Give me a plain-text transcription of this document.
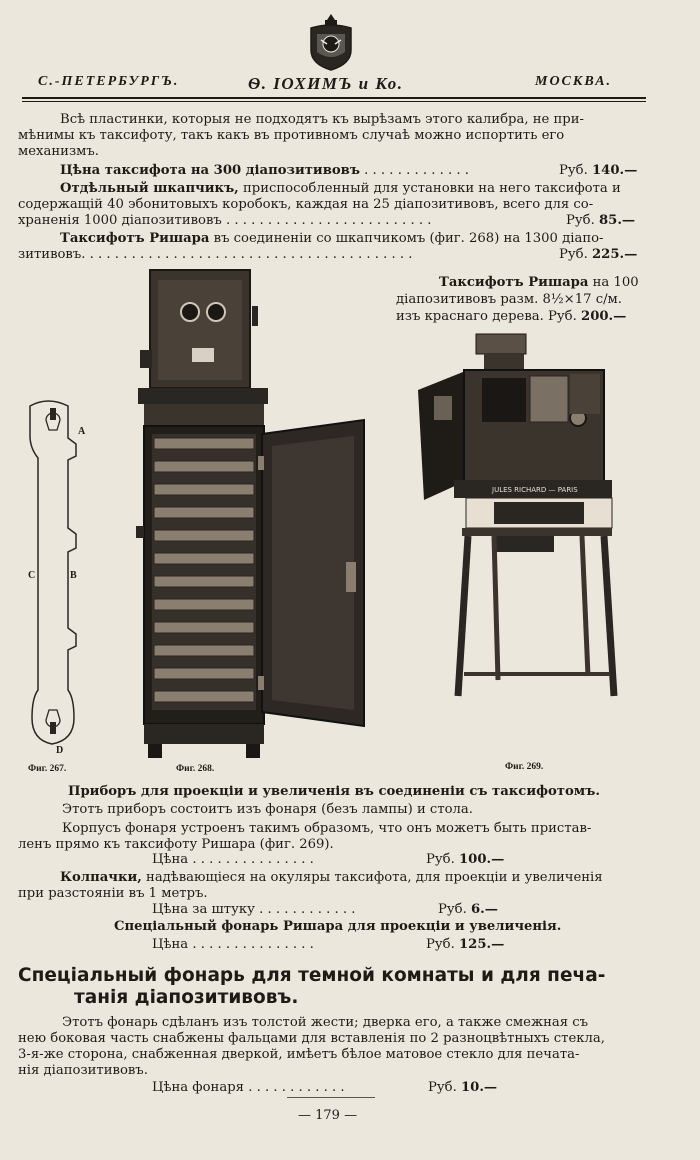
С.-ПЕТЕРБУРГЪ.	Ѳ. ІОХИМЪ и Ко.	МОСКВА.
Всѣ пластинки, которыя не подходятъ къ вырѣзамъ этого калибра, не при-
мѣнимы къ таксифоту, такъ какъ въ противномъ случаѣ можно испортить его
механизмъ.
Цѣна таксифота на 300 діапозитивовъ . . . . . . . . . . . . .	Руб. 140.—
Отдѣльный шкапчикъ, приспособленный для установки на него таксифота и
содержащій 40 эбонитовыхъ коробокъ, каждая на 25 діапозитивовъ, всего для со-
храненія 1000 діапозитивовъ . . . . . . . . . . . . . . . . . . . . . . . . .	Руб. 85.—
Таксифотъ Ришара въ соединеніи со шкапчикомъ (фиг. 268) на 1300 діапо-
зитивовъ. . . . . . . . . . . . . . . . . . . . . . . . . . . . . . . . . . . . . . . .	Руб. 225.—
Таксифотъ Ришара на 100
діапозитивовъ разм. 8½×17 с/м.
изъ краснаго дерева. Руб. 200.—
A
B
C
D
JULES RICHARD — PARIS
Фиг. 267.	Фиг. 268.	Фиг. 269.
Приборъ для проекціи и увеличенія въ соединеніи съ таксифотомъ.
Этотъ приборъ состоитъ изъ фонаря (безъ лампы) и стола.
Корпусъ фонаря устроенъ такимъ образомъ, что онъ можетъ быть пристав-
ленъ прямо къ таксифоту Ришара (фиг. 269).
Цѣна . . . . . . . . . . . . . . .	Руб. 100.—
Колпачки, надѣвающіеся на окуляры таксифота, для проекціи и увеличенія
при разстояніи въ 1 метръ.
Цѣна за штуку . . . . . . . . . . . .	Руб. 6.—
Спеціальный фонарь Ришара для проекціи и увеличенія.
Цѣна . . . . . . . . . . . . . . .	Руб. 125.—
Спеціальный фонарь для темной комнаты и для печа-
танія діапозитивовъ.
Этотъ фонарь сдѣланъ изъ толстой жести; дверка его, а также смежная съ
нею боковая часть снабжены фальцами для вставленія по 2 разноцвѣтныхъ стекла,
3-я-же сторона, снабженная дверкой, имѣетъ бѣлое матовое стекло для печата-
нія діапозитивовъ.
Цѣна фонаря . . . . . . . . . . . .	Руб. 10.—
— 179 —
